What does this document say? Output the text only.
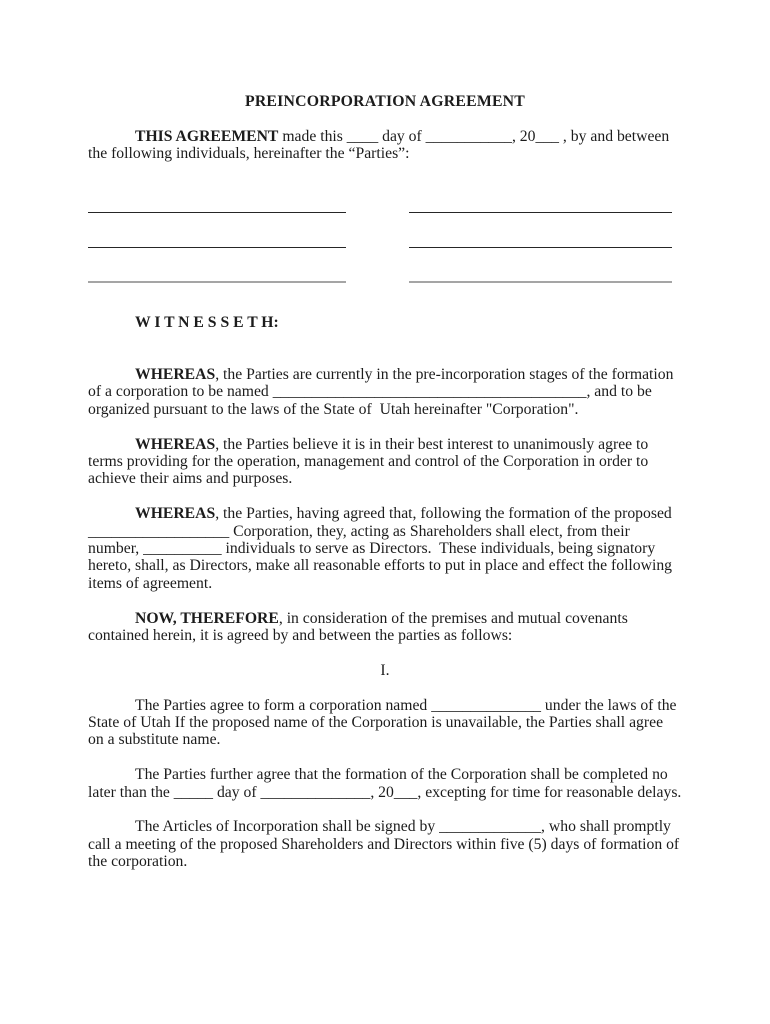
PREINCORPORATION AGREEMENT

THIS AGREEMENT made this ____ day of ___________, 20___ , by and between the following individuals, hereinafter the “Parties”:

W I T N E S S E T H:

WHEREAS, the Parties are currently in the pre-incorporation stages of the formation of a corporation to be named ________________________________________, and to be organized pursuant to the laws of the State of  Utah hereinafter "Corporation".

WHEREAS, the Parties believe it is in their best interest to unanimously agree to terms providing for the operation, management and control of the Corporation in order to achieve their aims and purposes.

WHEREAS, the Parties, having agreed that, following the formation of the proposed __________________ Corporation, they, acting as Shareholders shall elect, from their number, __________ individuals to serve as Directors.  These individuals, being signatory hereto, shall, as Directors, make all reasonable efforts to put in place and effect the following items of agreement.

NOW, THEREFORE, in consideration of the premises and mutual covenants contained herein, it is agreed by and between the parties as follows:

I.

The Parties agree to form a corporation named ______________ under the laws of the State of Utah If the proposed name of the Corporation is unavailable, the Parties shall agree on a substitute name.

The Parties further agree that the formation of the Corporation shall be completed no later than the _____ day of ______________, 20___, excepting for time for reasonable delays.

The Articles of Incorporation shall be signed by _____________, who shall promptly call a meeting of the proposed Shareholders and Directors within five (5) days of formation of the corporation.
